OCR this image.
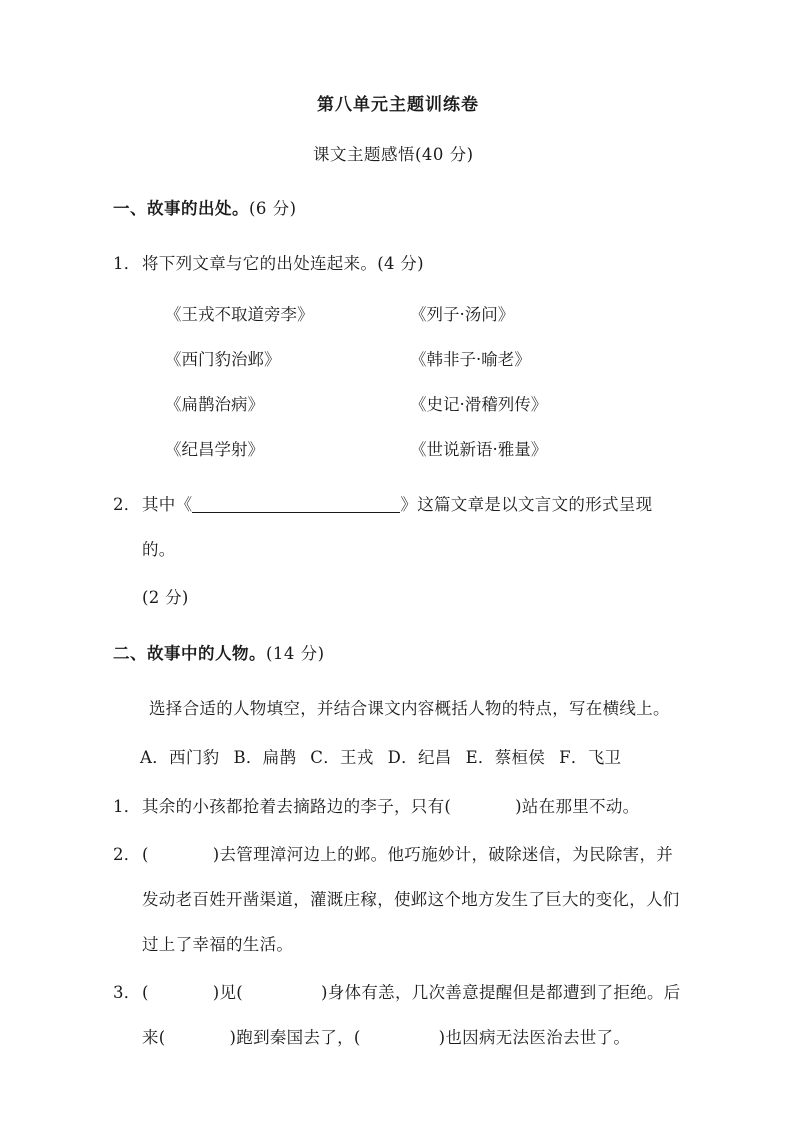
第八单元主题训练卷
课文主题感悟(40 分)
一、故事的出处。(6 分)
1．将下列文章与它的出处连起来。(4 分)
《王戎不取道旁李》	《列子·汤问》
《西门豹治邺》	《韩非子·喻老》
《扁鹊治病》	《史记·滑稽列传》
《纪昌学射》	《世说新语·雅量》
2．其中《	》这篇文章是以文言文的形式呈现的。
(2 分)
二、故事中的人物。(14 分)
选择合适的人物填空，并结合课文内容概括人物的特点，写在横线上。
A．西门豹 B．扁鹊 C．王戎 D．纪昌 E．蔡桓侯 F．飞卫
1．其余的小孩都抢着去摘路边的李子，只有(	)站在那里不动。
2．(	)去管理漳河边上的邺。他巧施妙计，破除迷信，为民除害，并发动老百姓开凿渠道，灌溉庄稼，使邺这个地方发生了巨大的变化，人们过上了幸福的生活。
3．(	)见(	)身体有恙，几次善意提醒但是都遭到了拒绝。后来(	)跑到秦国去了，(	)也因病无法医治去世了。
